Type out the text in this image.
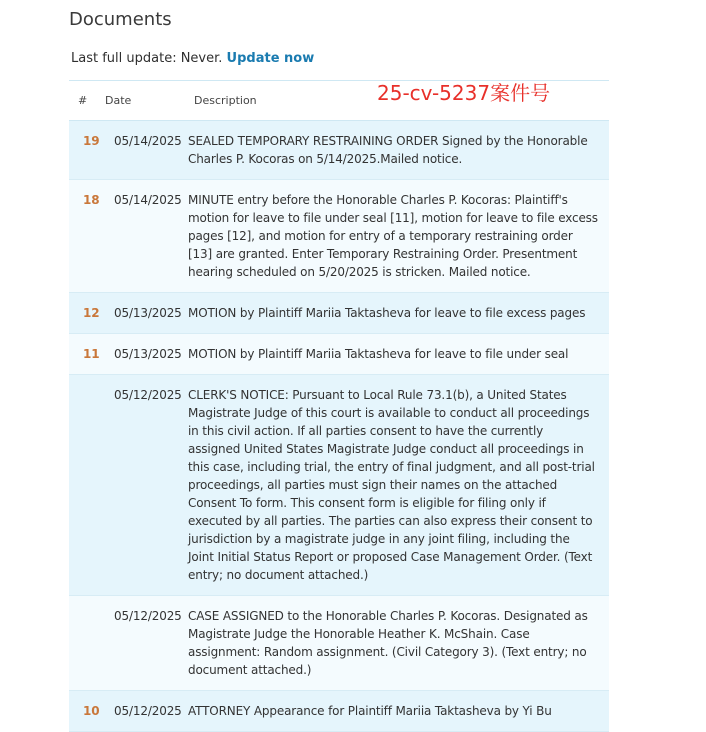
Documents
Last full update: Never. Update now
# Date	Description
19 05/14/2025 SEALED TEMPORARY RESTRAINING ORDER Signed by the Honorable Charles P. Kocoras on 5/14/2025.Mailed notice.
18 05/14/2025 MINUTE entry before the Honorable Charles P. Kocoras: Plaintiff's motion for leave to file under seal [11], motion for leave to file excess pages [12], and motion for entry of a temporary restraining order [13] are granted. Enter Temporary Restraining Order. Presentment hearing scheduled on 5/20/2025 is stricken. Mailed notice.
12 05/13/2025 MOTION by Plaintiff Mariia Taktasheva for leave to file excess pages
11 05/13/2025 MOTION by Plaintiff Mariia Taktasheva for leave to file under seal
05/12/2025 CLERK'S NOTICE: Pursuant to Local Rule 73.1(b), a United States Magistrate Judge of this court is available to conduct all proceedings in this civil action. If all parties consent to have the currently assigned United States Magistrate Judge conduct all proceedings in this case, including trial, the entry of final judgment, and all post-trial proceedings, all parties must sign their names on the attached Consent To form. This consent form is eligible for filing only if executed by all parties. The parties can also express their consent to jurisdiction by a magistrate judge in any joint filing, including the Joint Initial Status Report or proposed Case Management Order. (Text entry; no document attached.)
05/12/2025 CASE ASSIGNED to the Honorable Charles P. Kocoras. Designated as Magistrate Judge the Honorable Heather K. McShain. Case assignment: Random assignment. (Civil Category 3). (Text entry; no document attached.)
10 05/12/2025 ATTORNEY Appearance for Plaintiff Mariia Taktasheva by Yi Bu
25-cv-5237案件号
